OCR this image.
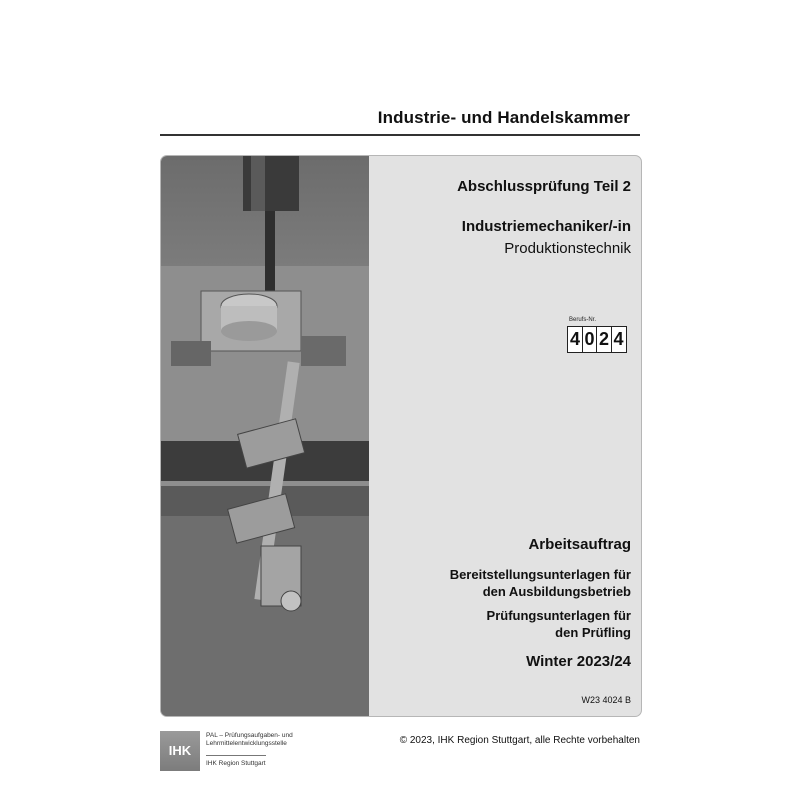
Industrie- und Handelskammer
Abschlussprüfung Teil 2
Industriemechaniker/-in
Produktionstechnik
Berufs-Nr.
4 0 2 4
Arbeitsauftrag
Bereitstellungsunterlagen für
den Ausbildungsbetrieb
Prüfungsunterlagen für
den Prüfling
Winter 2023/24
W23 4024 B
IHK
PAL – Prüfungsaufgaben- und
Lehrmittelentwicklungsstelle
IHK Region Stuttgart
© 2023, IHK Region Stuttgart, alle Rechte vorbehalten
